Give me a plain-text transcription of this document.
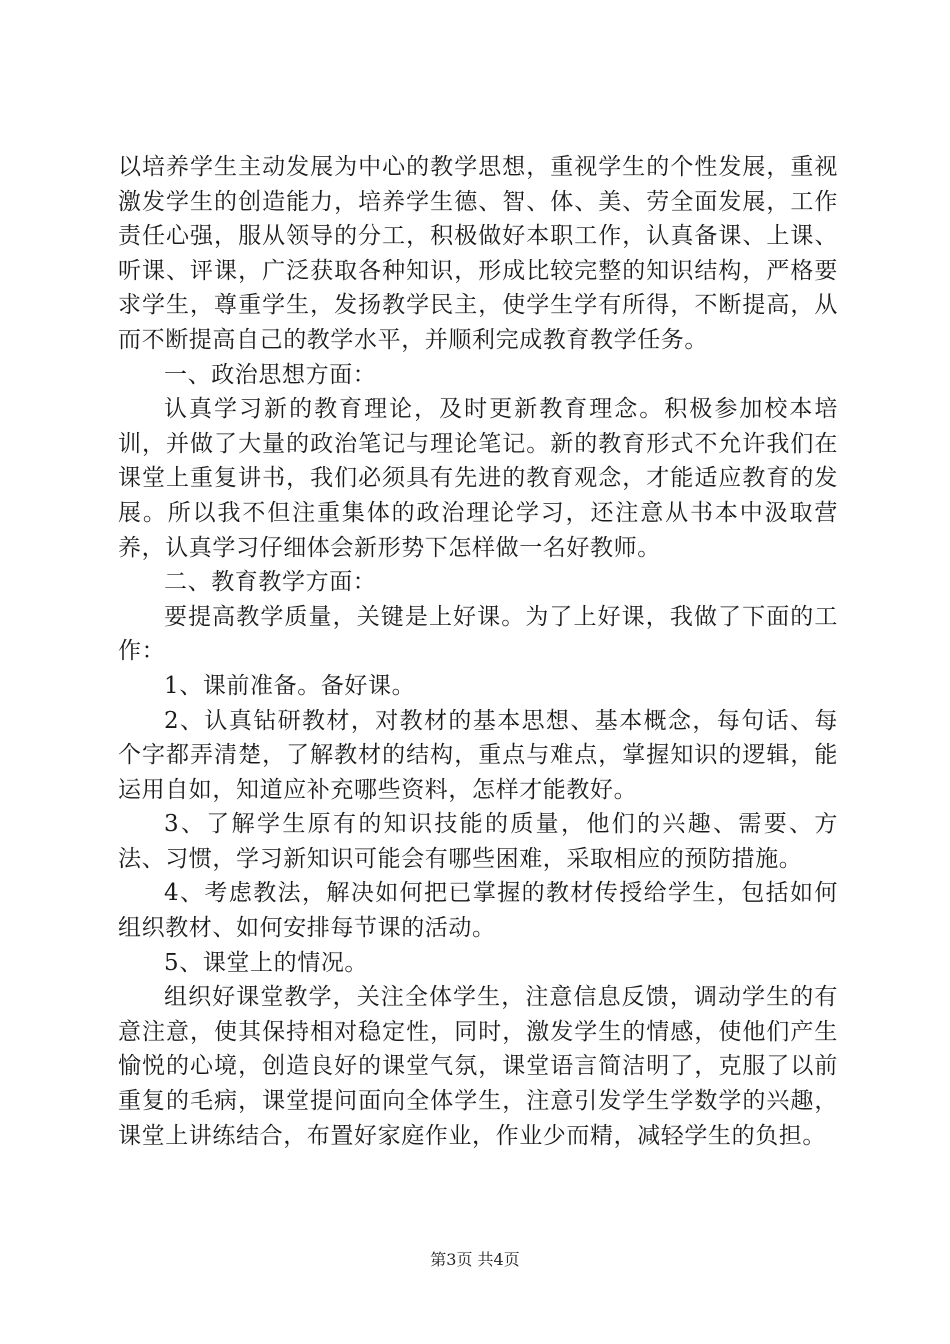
以培养学生主动发展为中心的教学思想，重视学生的个性发展，重视激发学生的创造能力，培养学生德、智、体、美、劳全面发展，工作责任心强，服从领导的分工，积极做好本职工作，认真备课、上课、听课、评课，广泛获取各种知识，形成比较完整的知识结构，严格要求学生，尊重学生，发扬教学民主，使学生学有所得，不断提高，从而不断提高自己的教学水平，并顺利完成教育教学任务。

一、政治思想方面：

认真学习新的教育理论，及时更新教育理念。积极参加校本培训，并做了大量的政治笔记与理论笔记。新的教育形式不允许我们在课堂上重复讲书，我们必须具有先进的教育观念，才能适应教育的发展。所以我不但注重集体的政治理论学习，还注意从书本中汲取营养，认真学习仔细体会新形势下怎样做一名好教师。

二、教育教学方面：

要提高教学质量，关键是上好课。为了上好课，我做了下面的工作：

1、课前准备。备好课。

2、认真钻研教材，对教材的基本思想、基本概念，每句话、每个字都弄清楚，了解教材的结构，重点与难点，掌握知识的逻辑，能运用自如，知道应补充哪些资料，怎样才能教好。

3、了解学生原有的知识技能的质量，他们的兴趣、需要、方法、习惯，学习新知识可能会有哪些困难，采取相应的预防措施。

4、考虑教法，解决如何把已掌握的教材传授给学生，包括如何组织教材、如何安排每节课的活动。

5、课堂上的情况。

组织好课堂教学，关注全体学生，注意信息反馈，调动学生的有意注意，使其保持相对稳定性，同时，激发学生的情感，使他们产生愉悦的心境，创造良好的课堂气氛，课堂语言简洁明了，克服了以前重复的毛病，课堂提问面向全体学生，注意引发学生学数学的兴趣，课堂上讲练结合，布置好家庭作业，作业少而精，减轻学生的负担。

第3页 共4页
